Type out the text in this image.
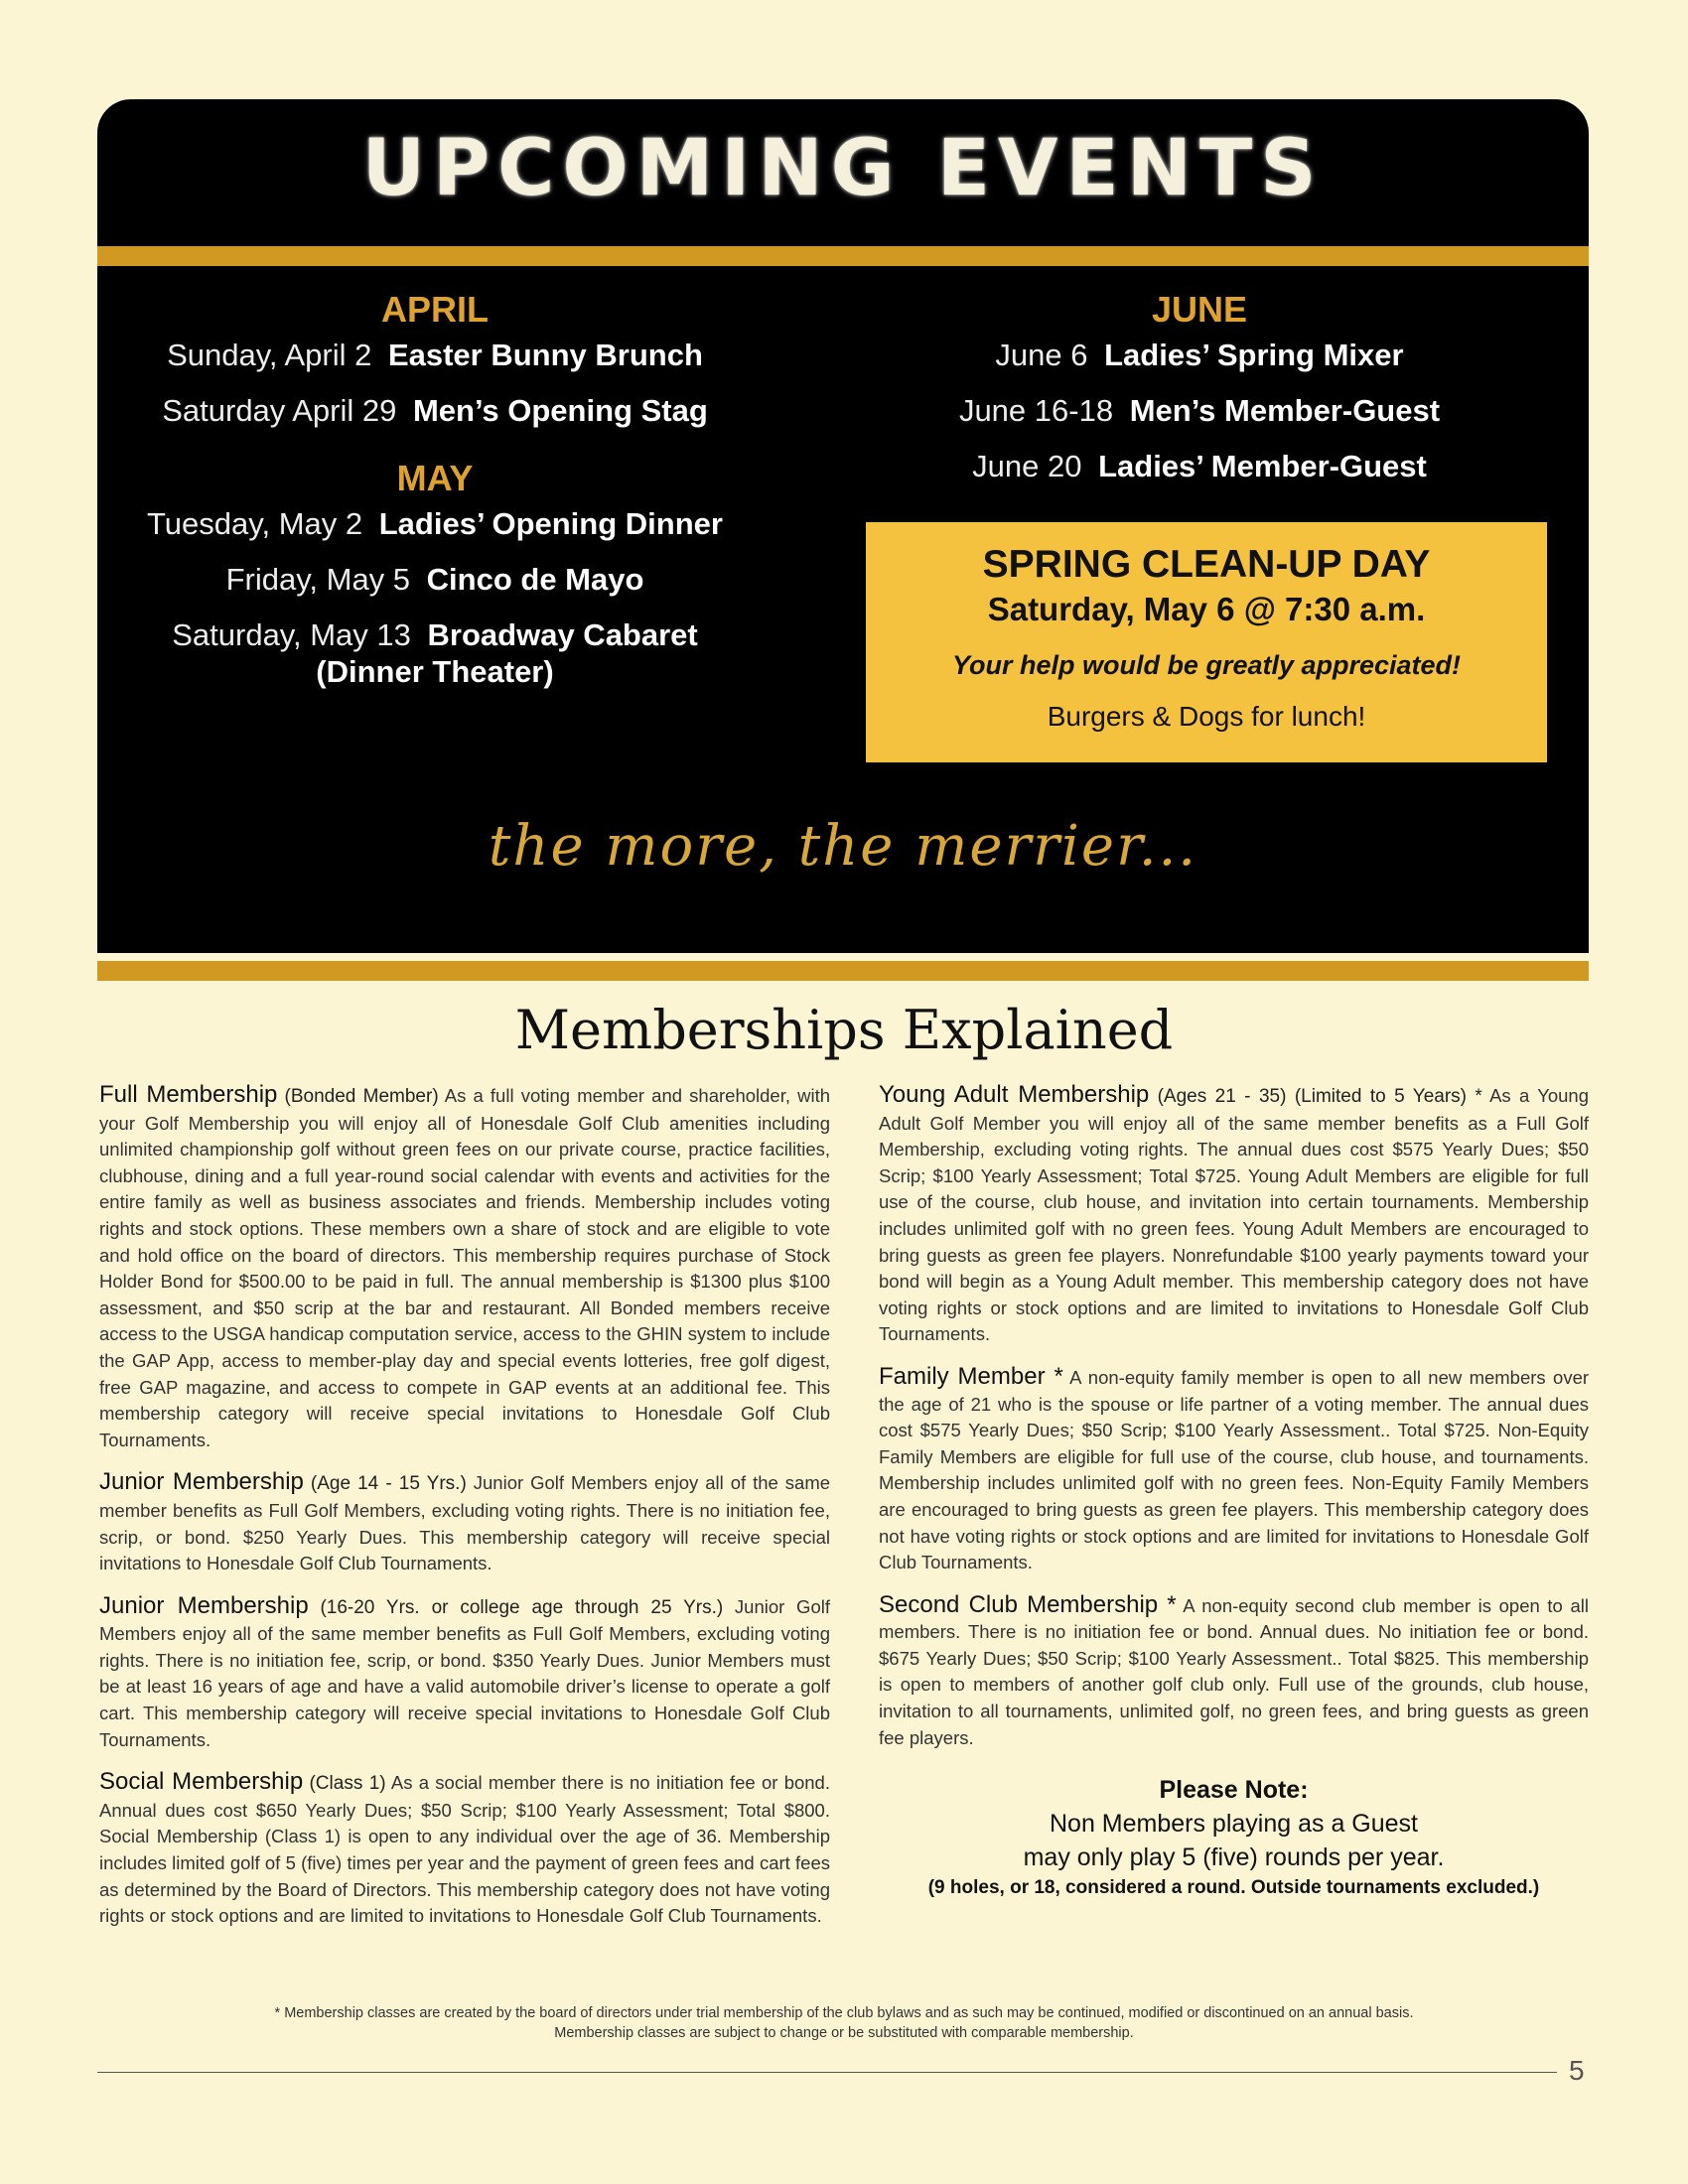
UPCOMING EVENTS
APRIL
Sunday, April 2 Easter Bunny Brunch
Saturday April 29 Men’s Opening Stag
MAY
Tuesday, May 2 Ladies’ Opening Dinner
Friday, May 5 Cinco de Mayo
Saturday, May 13 Broadway Cabaret
(Dinner Theater)
JUNE
June 6 Ladies’ Spring Mixer
June 16-18 Men’s Member-Guest
June 20 Ladies’ Member-Guest
SPRING CLEAN-UP DAY
Saturday, May 6 @ 7:30 a.m.
Your help would be greatly appreciated!
Burgers & Dogs for lunch!
the more, the merrier...
Memberships Explained

Full Membership (Bonded Member) As a full voting member and shareholder, with your Golf Membership you will enjoy all of Honesdale Golf Club amenities including unlimited championship golf without green fees on our private course, practice facilities, clubhouse, dining and a full year-round social calendar with events and activities for the entire family as well as business associates and friends. Membership includes voting rights and stock options. These members own a share of stock and are eligible to vote and hold office on the board of directors. This membership requires purchase of Stock Holder Bond for $500.00 to be paid in full. The annual membership is $1300 plus $100 assessment, and $50 scrip at the bar and restaurant. All Bonded members receive access to the USGA handicap computation service, access to the GHIN system to include the GAP App, access to member-play day and special events lotteries, free golf digest, free GAP magazine, and access to compete in GAP events at an additional fee. This membership category will receive special invitations to Honesdale Golf Club Tournaments.

Junior Membership (Age 14 - 15 Yrs.) Junior Golf Members enjoy all of the same member benefits as Full Golf Members, excluding voting rights. There is no initiation fee, scrip, or bond. $250 Yearly Dues. This membership category will receive special invitations to Honesdale Golf Club Tournaments.

Junior Membership (16-20 Yrs. or college age through 25 Yrs.) Junior Golf Members enjoy all of the same member benefits as Full Golf Members, excluding voting rights. There is no initiation fee, scrip, or bond. $350 Yearly Dues. Junior Members must be at least 16 years of age and have a valid automobile driver’s license to operate a golf cart. This membership category will receive special invitations to Honesdale Golf Club Tournaments.

Social Membership (Class 1) As a social member there is no initiation fee or bond. Annual dues cost $650 Yearly Dues; $50 Scrip; $100 Yearly Assessment; Total $800. Social Membership (Class 1) is open to any individual over the age of 36. Membership includes limited golf of 5 (five) times per year and the payment of green fees and cart fees as determined by the Board of Directors. This membership category does not have voting rights or stock options and are limited to invitations to Honesdale Golf Club Tournaments.

Young Adult Membership (Ages 21 - 35) (Limited to 5 Years) * As a Young Adult Golf Member you will enjoy all of the same member benefits as a Full Golf Membership, excluding voting rights. The annual dues cost $575 Yearly Dues; $50 Scrip; $100 Yearly Assessment; Total $725. Young Adult Members are eligible for full use of the course, club house, and invitation into certain tournaments. Membership includes unlimited golf with no green fees. Young Adult Members are encouraged to bring guests as green fee players. Nonrefundable $100 yearly payments toward your bond will begin as a Young Adult member. This membership category does not have voting rights or stock options and are limited to invitations to Honesdale Golf Club Tournaments.

Family Member * A non-equity family member is open to all new members over the age of 21 who is the spouse or life partner of a voting member. The annual dues cost $575 Yearly Dues; $50 Scrip; $100 Yearly Assessment.. Total $725. Non-Equity Family Members are eligible for full use of the course, club house, and tournaments. Membership includes unlimited golf with no green fees. Non-Equity Family Members are encouraged to bring guests as green fee players. This membership category does not have voting rights or stock options and are limited for invitations to Honesdale Golf Club Tournaments.

Second Club Membership * A non-equity second club member is open to all members. There is no initiation fee or bond. Annual dues. No initiation fee or bond. $675 Yearly Dues; $50 Scrip; $100 Yearly Assessment.. Total $825. This membership is open to members of another golf club only. Full use of the grounds, club house, invitation to all tournaments, unlimited golf, no green fees, and bring guests as green fee players.

Please Note:
Non Members playing as a Guest
may only play 5 (five) rounds per year.
(9 holes, or 18, considered a round. Outside tournaments excluded.)
* Membership classes are created by the board of directors under trial membership of the club bylaws and as such may be continued, modified or discontinued on an annual basis.
Membership classes are subject to change or be substituted with comparable membership.
5
